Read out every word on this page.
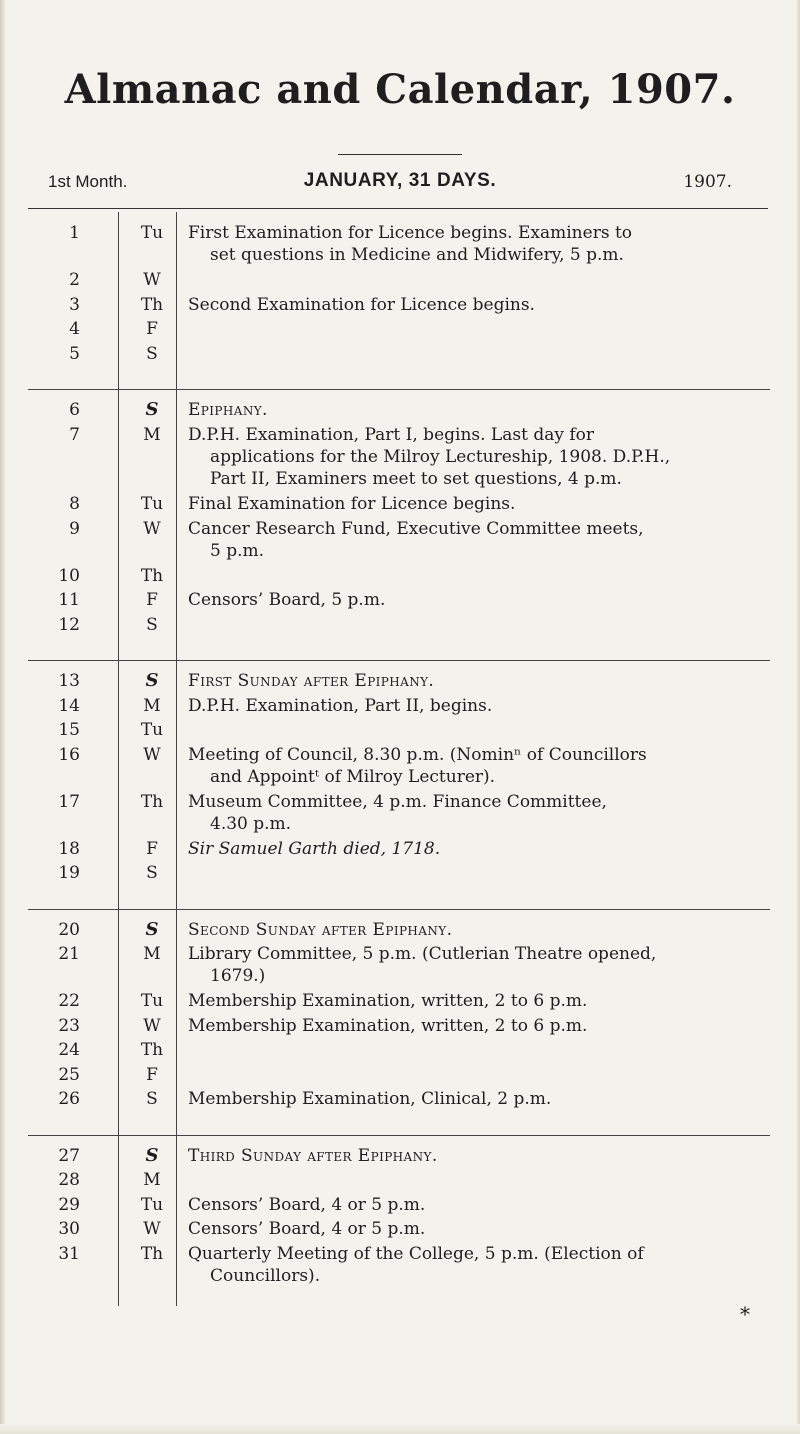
Almanac and Calendar, 1907.
1st Month.	JANUARY, 31 DAYS.	1907.
1	Tu	First Examination for Licence begins. Examiners to
set questions in Medicine and Midwifery, 5 p.m.
2	W
3	Th	Second Examination for Licence begins.
4	F
5	S
6	S	Epiphany.
7	M	D.P.H. Examination, Part I, begins. Last day for
applications for the Milroy Lectureship, 1908. D.P.H.,
Part II, Examiners meet to set questions, 4 p.m.
8	Tu	Final Examination for Licence begins.
9	W	Cancer Research Fund, Executive Committee meets,
5 p.m.
10	Th
11	F	Censors’ Board, 5 p.m.
12	S
13	S	First Sunday after Epiphany.
14	M	D.P.H. Examination, Part II, begins.
15	Tu
16	W	Meeting of Council, 8.30 p.m. (Nominⁿ of Councillors
and Appointᵗ of Milroy Lecturer).
17	Th	Museum Committee, 4 p.m. Finance Committee,
4.30 p.m.
18	F	Sir Samuel Garth died, 1718.
19	S
20	S	Second Sunday after Epiphany.
21	M	Library Committee, 5 p.m. (Cutlerian Theatre opened,
1679.)
22	Tu	Membership Examination, written, 2 to 6 p.m.
23	W	Membership Examination, written, 2 to 6 p.m.
24	Th
25	F
26	S	Membership Examination, Clinical, 2 p.m.
27	S	Third Sunday after Epiphany.
28	M
29	Tu	Censors’ Board, 4 or 5 p.m.
30	W	Censors’ Board, 4 or 5 p.m.
31	Th	Quarterly Meeting of the College, 5 p.m. (Election of
Councillors).
*
